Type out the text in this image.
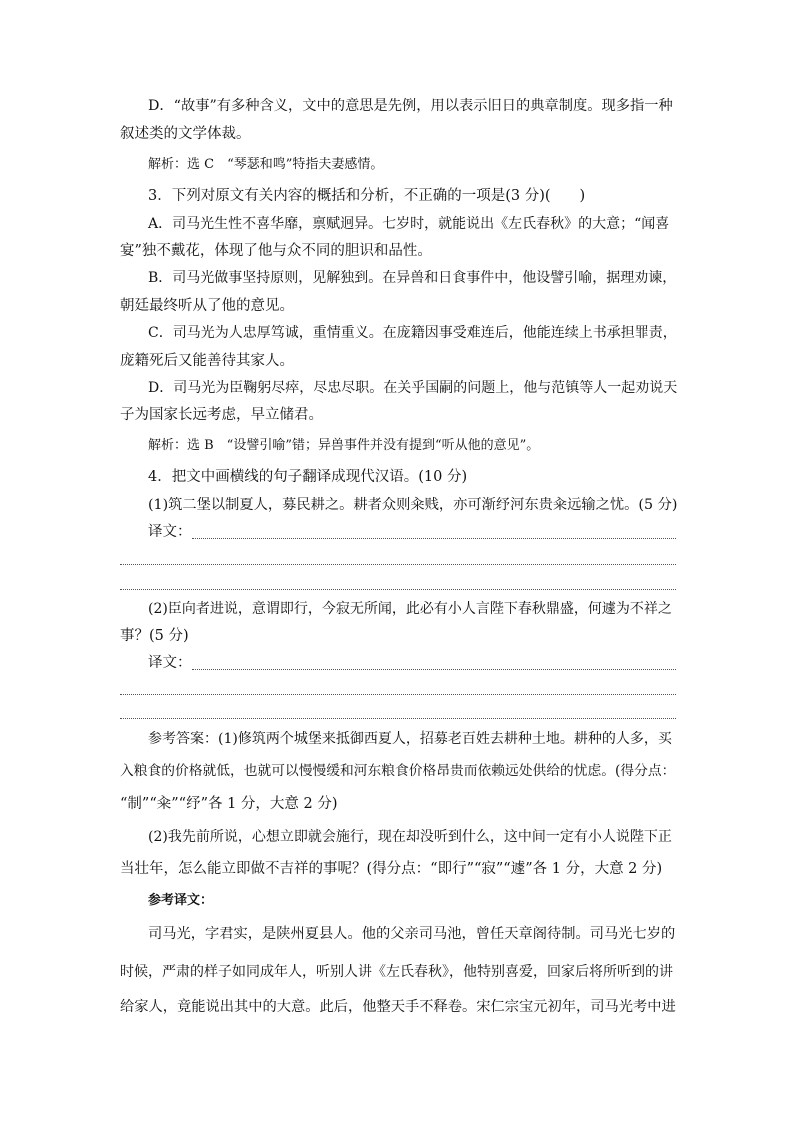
D．“故事”有多种含义，文中的意思是先例，用以表示旧日的典章制度。现多指一种
叙述类的文学体裁。
解析：选 C　“琴瑟和鸣”特指夫妻感情。
3．下列对原文有关内容的概括和分析，不正确的一项是(3 分)(　　)
A．司马光生性不喜华靡，禀赋迥异。七岁时，就能说出《左氏春秋》的大意；“闻喜
宴”独不戴花，体现了他与众不同的胆识和品性。
B．司马光做事坚持原则，见解独到。在异兽和日食事件中，他设譬引喻，据理劝谏，
朝廷最终听从了他的意见。
C．司马光为人忠厚笃诚，重情重义。在庞籍因事受难连后，他能连续上书承担罪责，
庞籍死后又能善待其家人。
D．司马光为臣鞠躬尽瘁，尽忠尽职。在关乎国嗣的问题上，他与范镇等人一起劝说天
子为国家长远考虑，早立储君。
解析：选 B　“设譬引喻”错；异兽事件并没有提到“听从他的意见”。
4．把文中画横线的句子翻译成现代汉语。(10 分)
(1)筑二堡以制夏人，募民耕之。耕者众则籴贱，亦可渐纾河东贵籴远输之忧。(5 分)
译文：
(2)臣向者进说，意谓即行，今寂无所闻，此必有小人言陛下春秋鼎盛，何遽为不祥之
事？(5 分)
译文：
参考答案：(1)修筑两个城堡来抵御西夏人，招募老百姓去耕种土地。耕种的人多，买
入粮食的价格就低，也就可以慢慢缓和河东粮食价格昂贵而依赖远处供给的忧虑。(得分点：
“制”“籴”“纾”各 1 分，大意 2 分)
(2)我先前所说，心想立即就会施行，现在却没听到什么，这中间一定有小人说陛下正
当壮年，怎么能立即做不吉祥的事呢？(得分点：“即行”“寂”“遽”各 1 分，大意 2 分)
参考译文：
司马光，字君实，是陕州夏县人。他的父亲司马池，曾任天章阁待制。司马光七岁的
时候，严肃的样子如同成年人，听别人讲《左氏春秋》，他特别喜爱，回家后将所听到的讲
给家人，竟能说出其中的大意。此后，他整天手不释卷。宋仁宗宝元初年，司马光考中进
